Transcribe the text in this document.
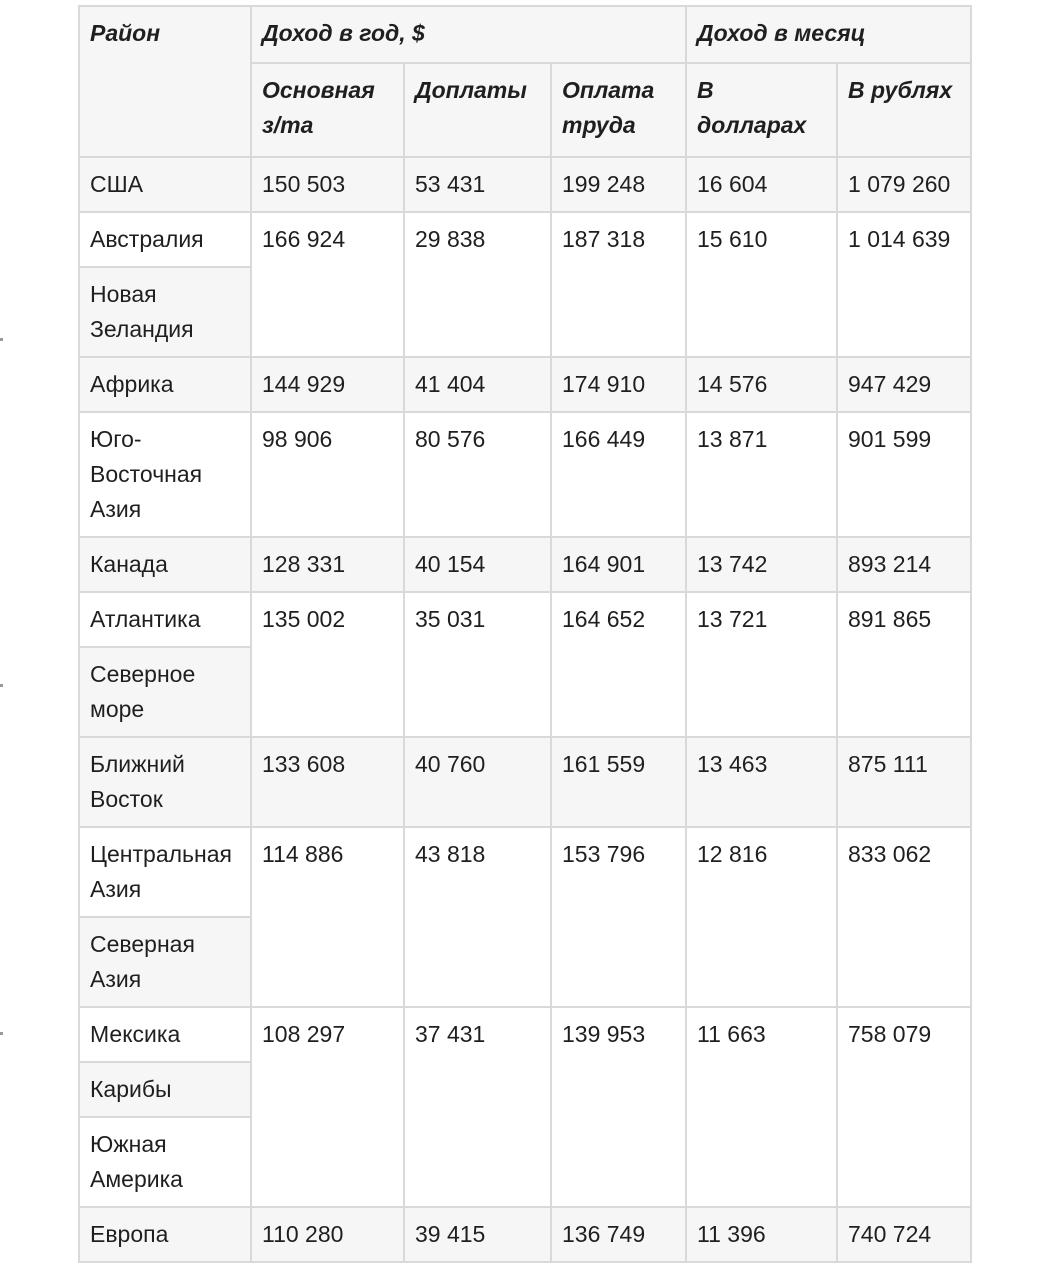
Район	Доход в год, $			Доход в месяц	
	Основная з/та	Доплаты	Оплата труда	В долларах	В рублях
США	150 503	53 431	199 248	16 604	1 079 260
Австралия	166 924	29 838	187 318	15 610	1 014 639
Новая Зеландия					
Африка	144 929	41 404	174 910	14 576	947 429
Юго-Восточная Азия	98 906	80 576	166 449	13 871	901 599
Канада	128 331	40 154	164 901	13 742	893 214
Атлантика	135 002	35 031	164 652	13 721	891 865
Северное море					
Ближний Восток	133 608	40 760	161 559	13 463	875 111
Центральная Азия	114 886	43 818	153 796	12 816	833 062
Северная Азия					
Мексика	108 297	37 431	139 953	11 663	758 079
Карибы					
Южная Америка					
Европа	110 280	39 415	136 749	11 396	740 724
